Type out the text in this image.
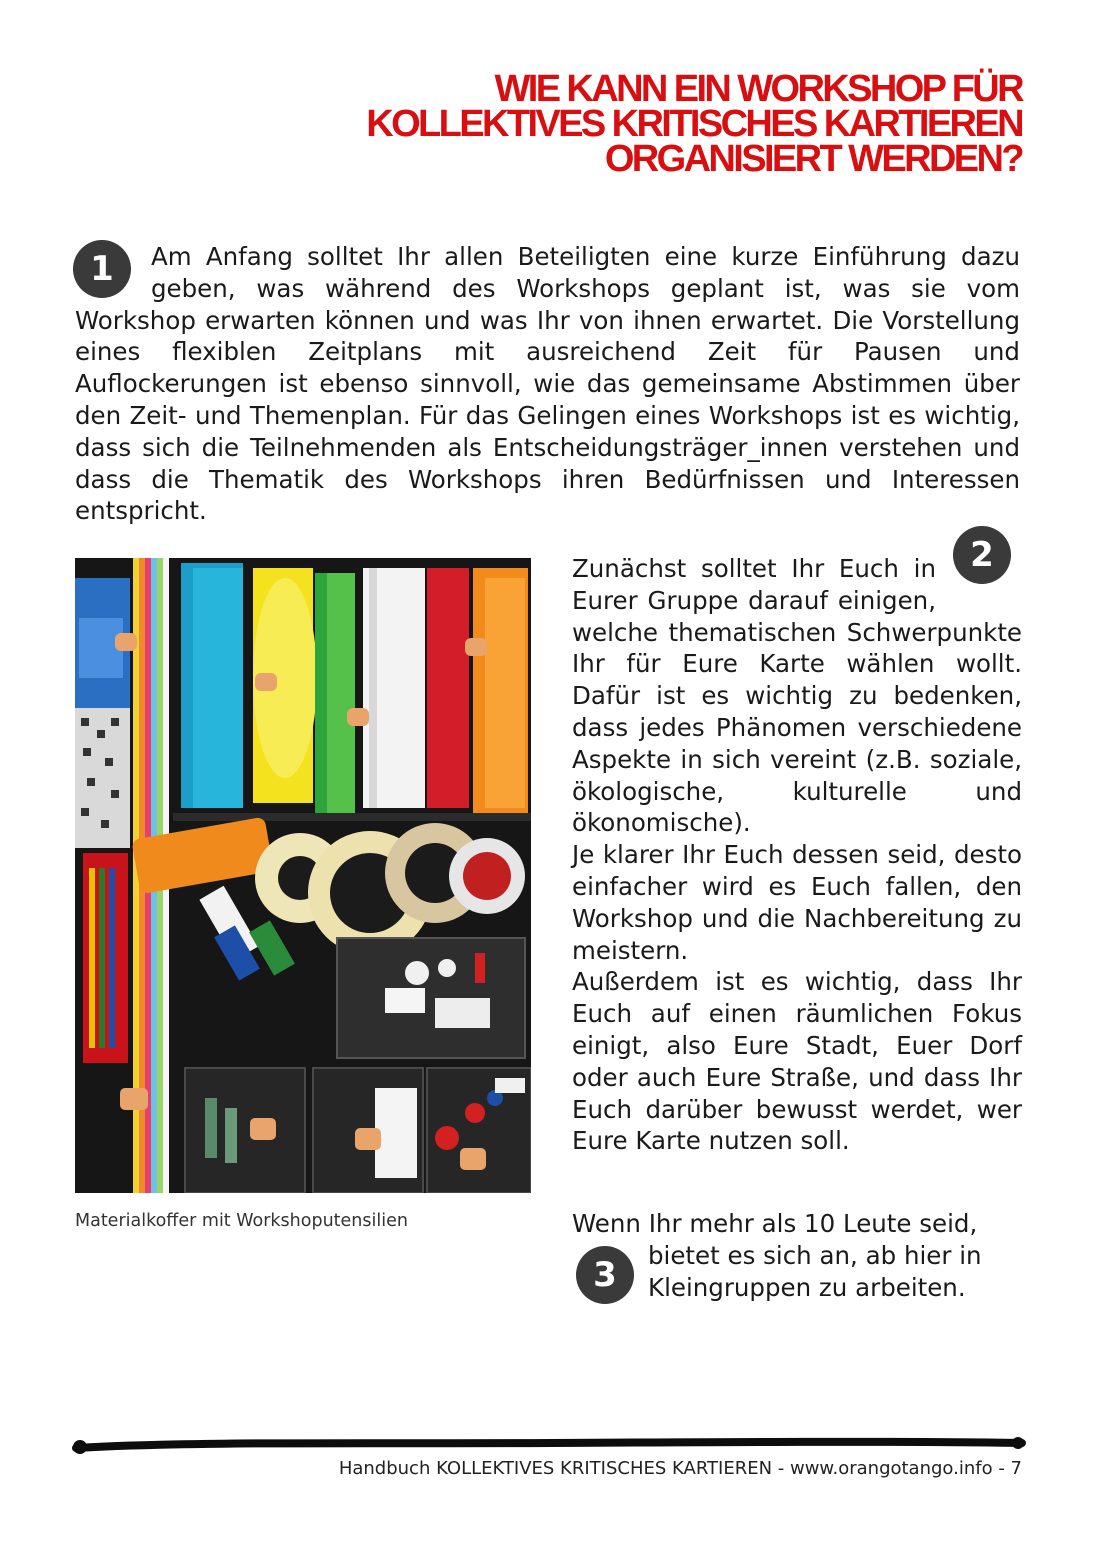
WIE KANN EIN WORKSHOP FÜR
KOLLEKTIVES KRITISCHES KARTIEREN
ORGANISIERT WERDEN?
1	Am Anfang solltet Ihr allen Beteiligten eine kurze Einführung dazu geben, was während des Workshops geplant ist, was sie vom Workshop erwarten können und was Ihr von ihnen erwartet. Die Vorstellung eines flexiblen Zeitplans mit ausreichend Zeit für Pausen und Auflockerungen ist ebenso sinnvoll, wie das gemeinsame Abstimmen über den Zeit- und Themenplan. Für das Gelingen eines Workshops ist es wichtig, dass sich die Teilnehmenden als Entscheidungsträger_innen verstehen und dass die Thematik des Workshops ihren Bedürfnissen und Interessen entspricht.
Materialkoffer mit Workshoputensilien
2
Zunächst solltet Ihr Euch in Eurer Gruppe darauf einigen, welche thematischen Schwerpunkte Ihr für Eure Karte wählen wollt. Dafür ist es wichtig zu bedenken, dass jedes Phänomen verschiedene Aspekte in sich vereint (z.B. soziale, ökologische, kulturelle und ökonomische).
Je klarer Ihr Euch dessen seid, desto einfacher wird es Euch fallen, den Workshop und die Nachbereitung zu meistern.
Außerdem ist es wichtig, dass Ihr Euch auf einen räumlichen Fokus einigt, also Eure Stadt, Euer Dorf oder auch Eure Straße, und dass Ihr Euch darüber bewusst werdet, wer Eure Karte nutzen soll.
3
Wenn Ihr mehr als 10 Leute seid,
bietet es sich an, ab hier in
Kleingruppen zu arbeiten.
Handbuch KOLLEKTIVES KRITISCHES KARTIEREN - www.orangotango.info - 7
